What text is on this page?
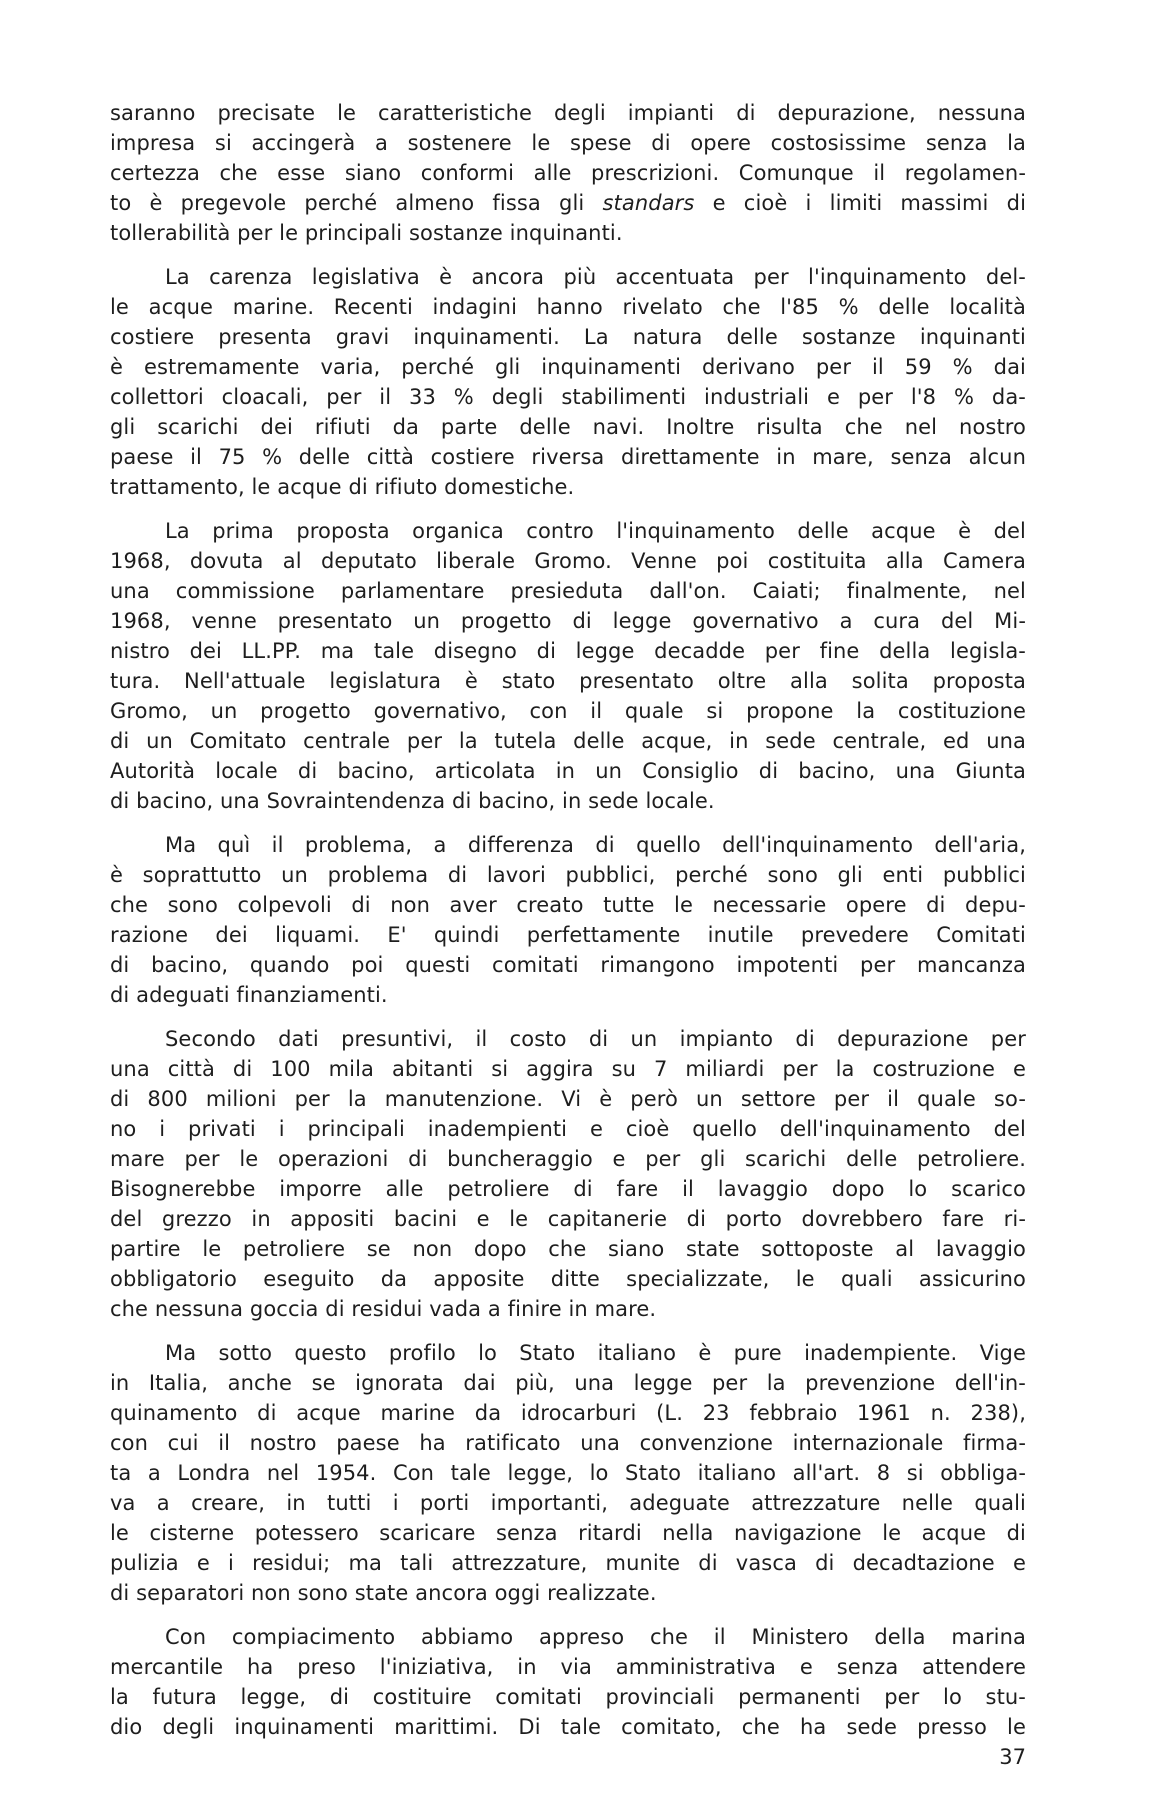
saranno precisate le caratteristiche degli impianti di depurazione, nessuna
impresa si accingerà a sostenere le spese di opere costosissime senza la
certezza che esse siano conformi alle prescrizioni. Comunque il regolamen-
to è pregevole perché almeno fissa gli standars e cioè i limiti massimi di
tollerabilità per le principali sostanze inquinanti.
La carenza legislativa è ancora più accentuata per l'inquinamento del-
le acque marine. Recenti indagini hanno rivelato che l'85 % delle località
costiere presenta gravi inquinamenti. La natura delle sostanze inquinanti
è estremamente varia, perché gli inquinamenti derivano per il 59 % dai
collettori cloacali, per il 33 % degli stabilimenti industriali e per l'8 % da-
gli scarichi dei rifiuti da parte delle navi. Inoltre risulta che nel nostro
paese il 75 % delle città costiere riversa direttamente in mare, senza alcun
trattamento, le acque di rifiuto domestiche.
La prima proposta organica contro l'inquinamento delle acque è del
1968, dovuta al deputato liberale Gromo. Venne poi costituita alla Camera
una commissione parlamentare presieduta dall'on. Caiati; finalmente, nel
1968, venne presentato un progetto di legge governativo a cura del Mi-
nistro dei LL.PP. ma tale disegno di legge decadde per fine della legisla-
tura. Nell'attuale legislatura è stato presentato oltre alla solita proposta
Gromo, un progetto governativo, con il quale si propone la costituzione
di un Comitato centrale per la tutela delle acque, in sede centrale, ed una
Autorità locale di bacino, articolata in un Consiglio di bacino, una Giunta
di bacino, una Sovraintendenza di bacino, in sede locale.
Ma quì il problema, a differenza di quello dell'inquinamento dell'aria,
è soprattutto un problema di lavori pubblici, perché sono gli enti pubblici
che sono colpevoli di non aver creato tutte le necessarie opere di depu-
razione dei liquami. E' quindi perfettamente inutile prevedere Comitati
di bacino, quando poi questi comitati rimangono impotenti per mancanza
di adeguati finanziamenti.
Secondo dati presuntivi, il costo di un impianto di depurazione per
una città di 100 mila abitanti si aggira su 7 miliardi per la costruzione e
di 800 milioni per la manutenzione. Vi è però un settore per il quale so-
no i privati i principali inadempienti e cioè quello dell'inquinamento del
mare per le operazioni di buncheraggio e per gli scarichi delle petroliere.
Bisognerebbe imporre alle petroliere di fare il lavaggio dopo lo scarico
del grezzo in appositi bacini e le capitanerie di porto dovrebbero fare ri-
partire le petroliere se non dopo che siano state sottoposte al lavaggio
obbligatorio eseguito da apposite ditte specializzate, le quali assicurino
che nessuna goccia di residui vada a finire in mare.
Ma sotto questo profilo lo Stato italiano è pure inadempiente. Vige
in Italia, anche se ignorata dai più, una legge per la prevenzione dell'in-
quinamento di acque marine da idrocarburi (L. 23 febbraio 1961 n. 238),
con cui il nostro paese ha ratificato una convenzione internazionale firma-
ta a Londra nel 1954. Con tale legge, lo Stato italiano all'art. 8 si obbliga-
va a creare, in tutti i porti importanti, adeguate attrezzature nelle quali
le cisterne potessero scaricare senza ritardi nella navigazione le acque di
pulizia e i residui; ma tali attrezzature, munite di vasca di decadtazione e
di separatori non sono state ancora oggi realizzate.
Con compiacimento abbiamo appreso che il Ministero della marina
mercantile ha preso l'iniziativa, in via amministrativa e senza attendere
la futura legge, di costituire comitati provinciali permanenti per lo stu-
dio degli inquinamenti marittimi. Di tale comitato, che ha sede presso le
37
